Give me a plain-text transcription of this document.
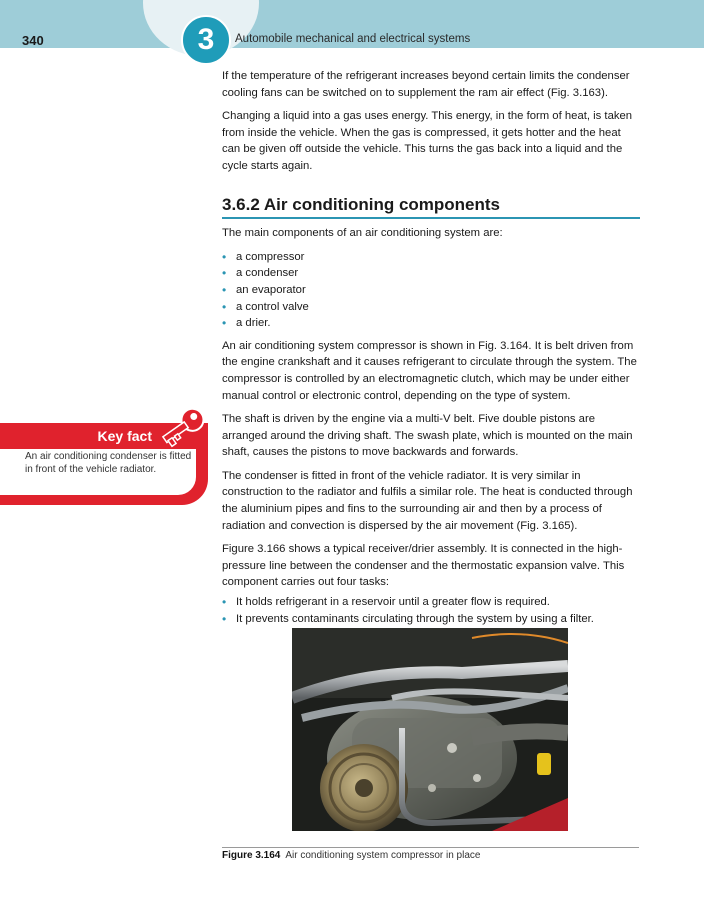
340	3	Automobile mechanical and electrical systems

If the temperature of the refrigerant increases beyond certain limits the condenser cooling fans can be switched on to supplement the ram air effect (Fig. 3.163).

Changing a liquid into a gas uses energy. This energy, in the form of heat, is taken from inside the vehicle. When the gas is compressed, it gets hotter and the heat can be given off outside the vehicle. This turns the gas back into a liquid and the cycle starts again.

3.6.2 Air conditioning components

The main components of an air conditioning system are:

• a compressor
• a condenser
• an evaporator
• a control valve
• a drier.

An air conditioning system compressor is shown in Fig. 3.164. It is belt driven from the engine crankshaft and it causes refrigerant to circulate through the system. The compressor is controlled by an electromagnetic clutch, which may be under either manual control or electronic control, depending on the type of system.

The shaft is driven by the engine via a multi-V belt. Five double pistons are arranged around the driving shaft. The swash plate, which is mounted on the main shaft, causes the pistons to move backwards and forwards.

The condenser is fitted in front of the vehicle radiator. It is very similar in construction to the radiator and fulfils a similar role. The heat is conducted through the aluminium pipes and fins to the surrounding air and then by a process of radiation and convection is dispersed by the air movement (Fig. 3.165).

Figure 3.166 shows a typical receiver/drier assembly. It is connected in the high-pressure line between the condenser and the thermostatic expansion valve. This component carries out four tasks:

• It holds refrigerant in a reservoir until a greater flow is required.
• It prevents contaminants circulating through the system by using a filter.
Key fact
An air conditioning condenser is fitted in front of the vehicle radiator.
Figure 3.164 Air conditioning system compressor in place
